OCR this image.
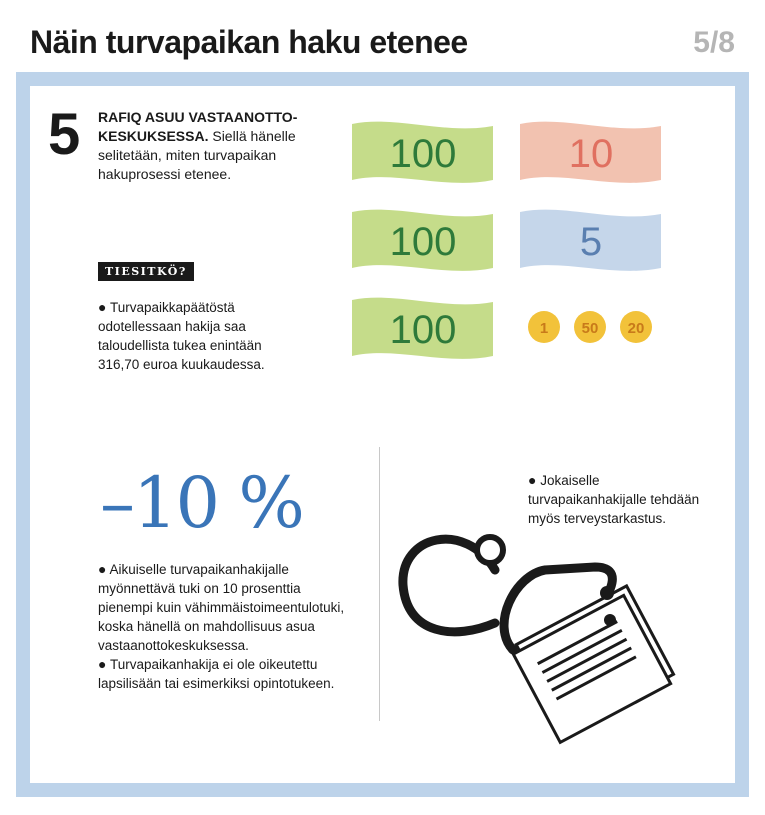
Näin turvapaikan haku etenee	5/8
5 RAFIQ ASUU VASTAANOTTO-KESKUKSESSA. Siellä hänelle selitetään, miten turvapaikan hakuprosessi etenee.
TIESITKÖ?
● Turvapaikkapäätöstä odotellessaan hakija saa taloudellista tukea enintään 316,70 euroa kuukaudessa.
100
100
100
10
5
1 50 20
–10 %
● Aikuiselle turvapaikanhakijalle myönnettävä tuki on 10 prosenttia pienempi kuin vähimmäistoimeentulotuki, koska hänellä on mahdollisuus asua vastaanottokeskuksessa.
● Turvapaikanhakija ei ole oikeutettu lapsilisään tai esimerkiksi opintotukeen.
● Jokaiselle turvapaikanhakijalle tehdään myös terveystarkastus.
